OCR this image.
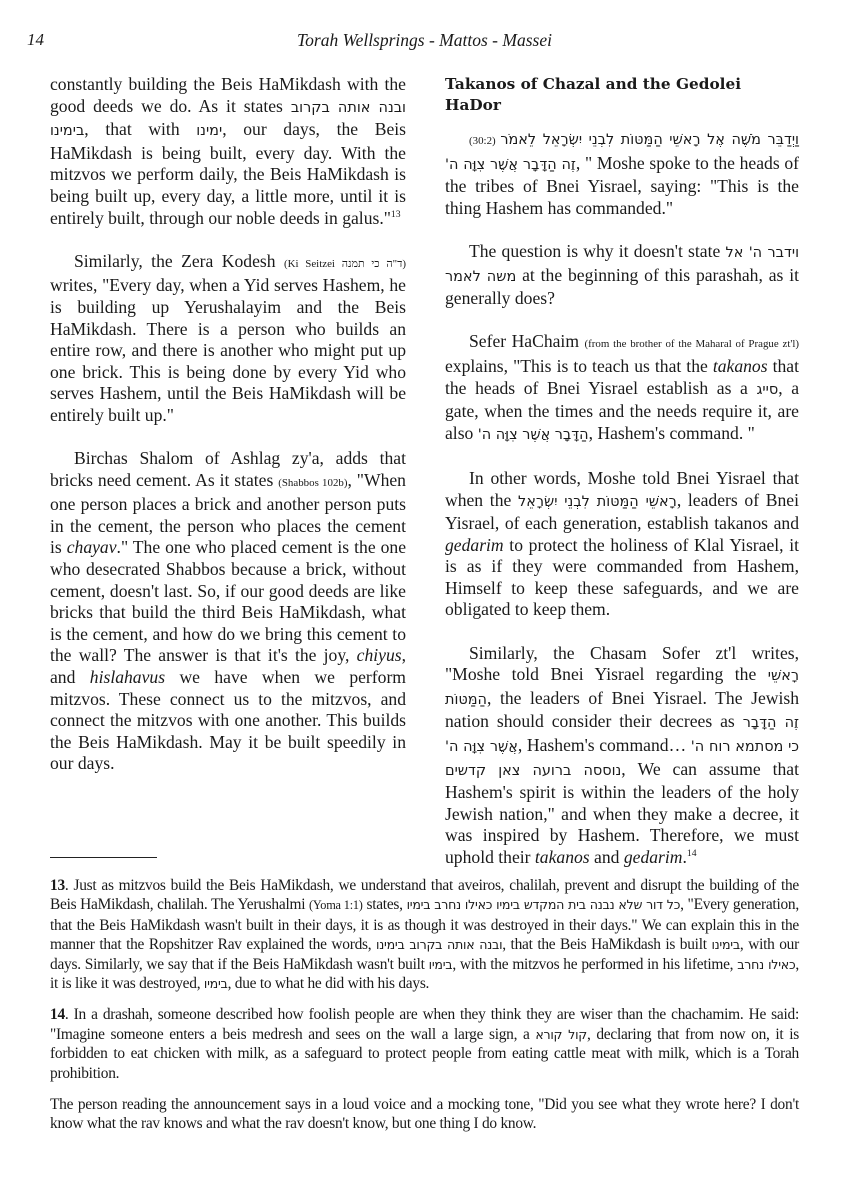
14	Torah Wellsprings - Mattos - Massei

constantly building the Beis HaMikdash with the good deeds we do. As it states ובנה אותה בקרוב בימינו, that with ימינו, our days, the Beis HaMikdash is being built, every day. With the mitzvos we perform daily, the Beis HaMikdash is being built up, every day, a little more, until it is entirely built, through our noble deeds in galus."$^{13}$

Similarly, the Zera Kodesh (Ki Seitzei ד"ה כי תמנה) writes, "Every day, when a Yid serves Hashem, he is building up Yerushalayim and the Beis HaMikdash. There is a person who builds an entire row, and there is another who might put up one brick. This is being done by every Yid who serves Hashem, until the Beis HaMikdash will be entirely built up."

Birchas Shalom of Ashlag zy'a, adds that bricks need cement. As it states (Shabbos 102b), "When one person places a brick and another person puts in the cement, the person who places the cement is chayav." The one who placed cement is the one who desecrated Shabbos because a brick, without cement, doesn't last. So, if our good deeds are like bricks that build the third Beis HaMikdash, what is the cement, and how do we bring this cement to the wall? The answer is that it's the joy, chiyus, and hislahavus we have when we perform mitzvos. These connect us to the mitzvos, and connect the mitzvos with one another. This builds the Beis HaMikdash. May it be built speedily in our days.

Takanos of Chazal and the Gedolei HaDor

(30:2) וַיְדַבֵּר מֹשֶׁה אֶל רָאשֵׁי הַמַּטּוֹת לִבְנֵי יִשְׂרָאֵל לֵאמֹר זֶה הַדָּבָר אֲשֶׁר צִוָּה ה', " Moshe spoke to the heads of the tribes of Bnei Yisrael, saying: "This is the thing Hashem has commanded."

The question is why it doesn't state וידבר ה' אל משה לאמר at the beginning of this parashah, as it generally does?

Sefer HaChaim (from the brother of the Maharal of Prague zt'l) explains, "This is to teach us that the takanos that the heads of Bnei Yisrael establish as a סייג, a gate, when the times and the needs require it, are also הַדָּבָר אֲשֶׁר צִוָּה ה', Hashem's command. "

In other words, Moshe told Bnei Yisrael that when the רָאשֵׁי הַמַּטּוֹת לִבְנֵי יִשְׂרָאֵל, leaders of Bnei Yisrael, of each generation, establish takanos and gedarim to protect the holiness of Klal Yisrael, it is as if they were commanded from Hashem, Himself to keep these safeguards, and we are obligated to keep them.

Similarly, the Chasam Sofer zt'l writes, "Moshe told Bnei Yisrael regarding the רָאשֵׁי הַמַּטּוֹת, the leaders of Bnei Yisrael. The Jewish nation should consider their decrees as זֶה הַדָּבָר אֲשֶׁר צִוָּה ה', Hashem's command… כי מסתמא רוח ה' נוססה ברועה צאן קדשים, We can assume that Hashem's spirit is within the leaders of the holy Jewish nation," and when they make a decree, it was inspired by Hashem. Therefore, we must uphold their takanos and gedarim.$^{14}$

13. Just as mitzvos build the Beis HaMikdash, we understand that aveiros, chalilah, prevent and disrupt the building of the Beis HaMikdash, chalilah. The Yerushalmi (Yoma 1:1) states, כל דור שלא נבנה בית המקדש בימיו כאילו נחרב בימיו, "Every generation, that the Beis HaMikdash wasn't built in their days, it is as though it was destroyed in their days." We can explain this in the manner that the Ropshitzer Rav explained the words, ובנה אותה בקרוב בימינו, that the Beis HaMikdash is built בימינו, with our days. Similarly, we say that if the Beis HaMikdash wasn't built בימיו, with the mitzvos he performed in his lifetime, כאילו נחרב, it is like it was destroyed, בימיו, due to what he did with his days.

14. In a drashah, someone described how foolish people are when they think they are wiser than the chachamim. He said: "Imagine someone enters a beis medresh and sees on the wall a large sign, a קול קורא, declaring that from now on, it is forbidden to eat chicken with milk, as a safeguard to protect people from eating cattle meat with milk, which is a Torah prohibition.

The person reading the announcement says in a loud voice and a mocking tone, "Did you see what they wrote here? I don't know what the rav knows and what the rav doesn't know, but one thing I do know.
